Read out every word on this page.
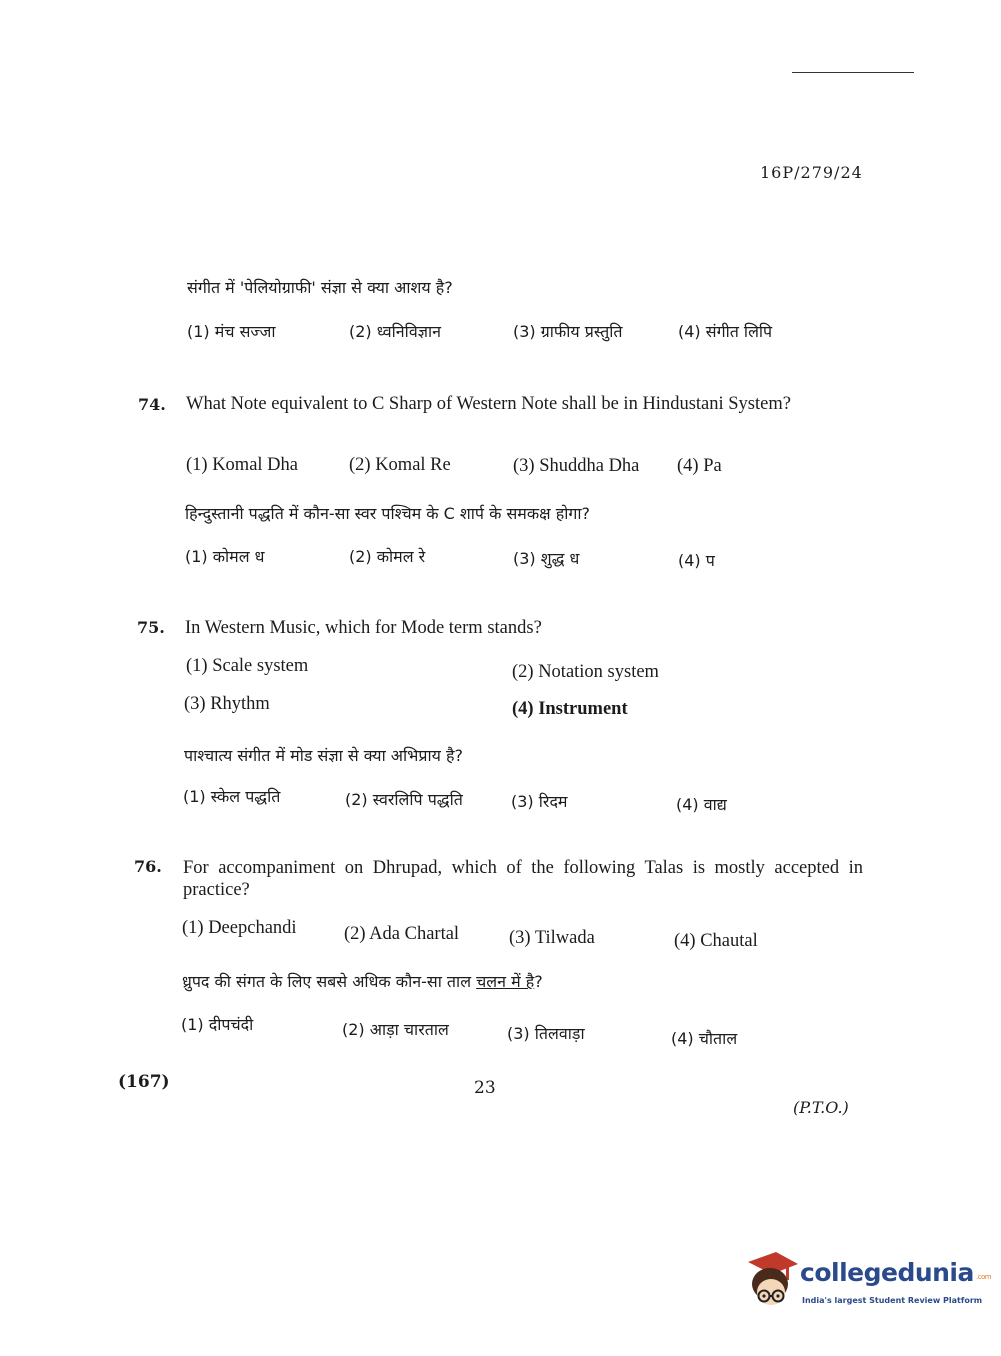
16P/279/24
संगीत में 'पेलियोग्राफी' संज्ञा से क्या आशय है?
(1) मंच सज्जा	(2) ध्वनिविज्ञान	(3) ग्राफीय प्रस्तुति	(4) संगीत लिपि
74. What Note equivalent to C Sharp of Western Note shall be in Hindustani System?
(1) Komal Dha	(2) Komal Re	(3) Shuddha Dha (4) Pa
हिन्दुस्तानी पद्धति में कौन-सा स्वर पश्चिम के C शार्प के समकक्ष होगा?
(1) कोमल ध	(2) कोमल रे	(3) शुद्ध ध	(4) प
75. In Western Music, which for Mode term stands?
(1) Scale system	(2) Notation system
(3) Rhythm	(4) Instrument
पाश्चात्य संगीत में मोड संज्ञा से क्या अभिप्राय है?
(1) स्केल पद्धति	(2) स्वरलिपि पद्धति	(3) रिदम	(4) वाद्य
76. For accompaniment on Dhrupad, which of the following Talas is mostly accepted in practice?
(1) Deepchandi	(2) Ada Chartal	(3) Tilwada	(4) Chautal
ध्रुपद की संगत के लिए सबसे अधिक कौन-सा ताल चलन में है?
(1) दीपचंदी	(2) आड़ा चारताल	(3) तिलवाड़ा	(4) चौताल
(167)	23
(P.T.O.)
collegedunia .com
India's largest Student Review Platform
